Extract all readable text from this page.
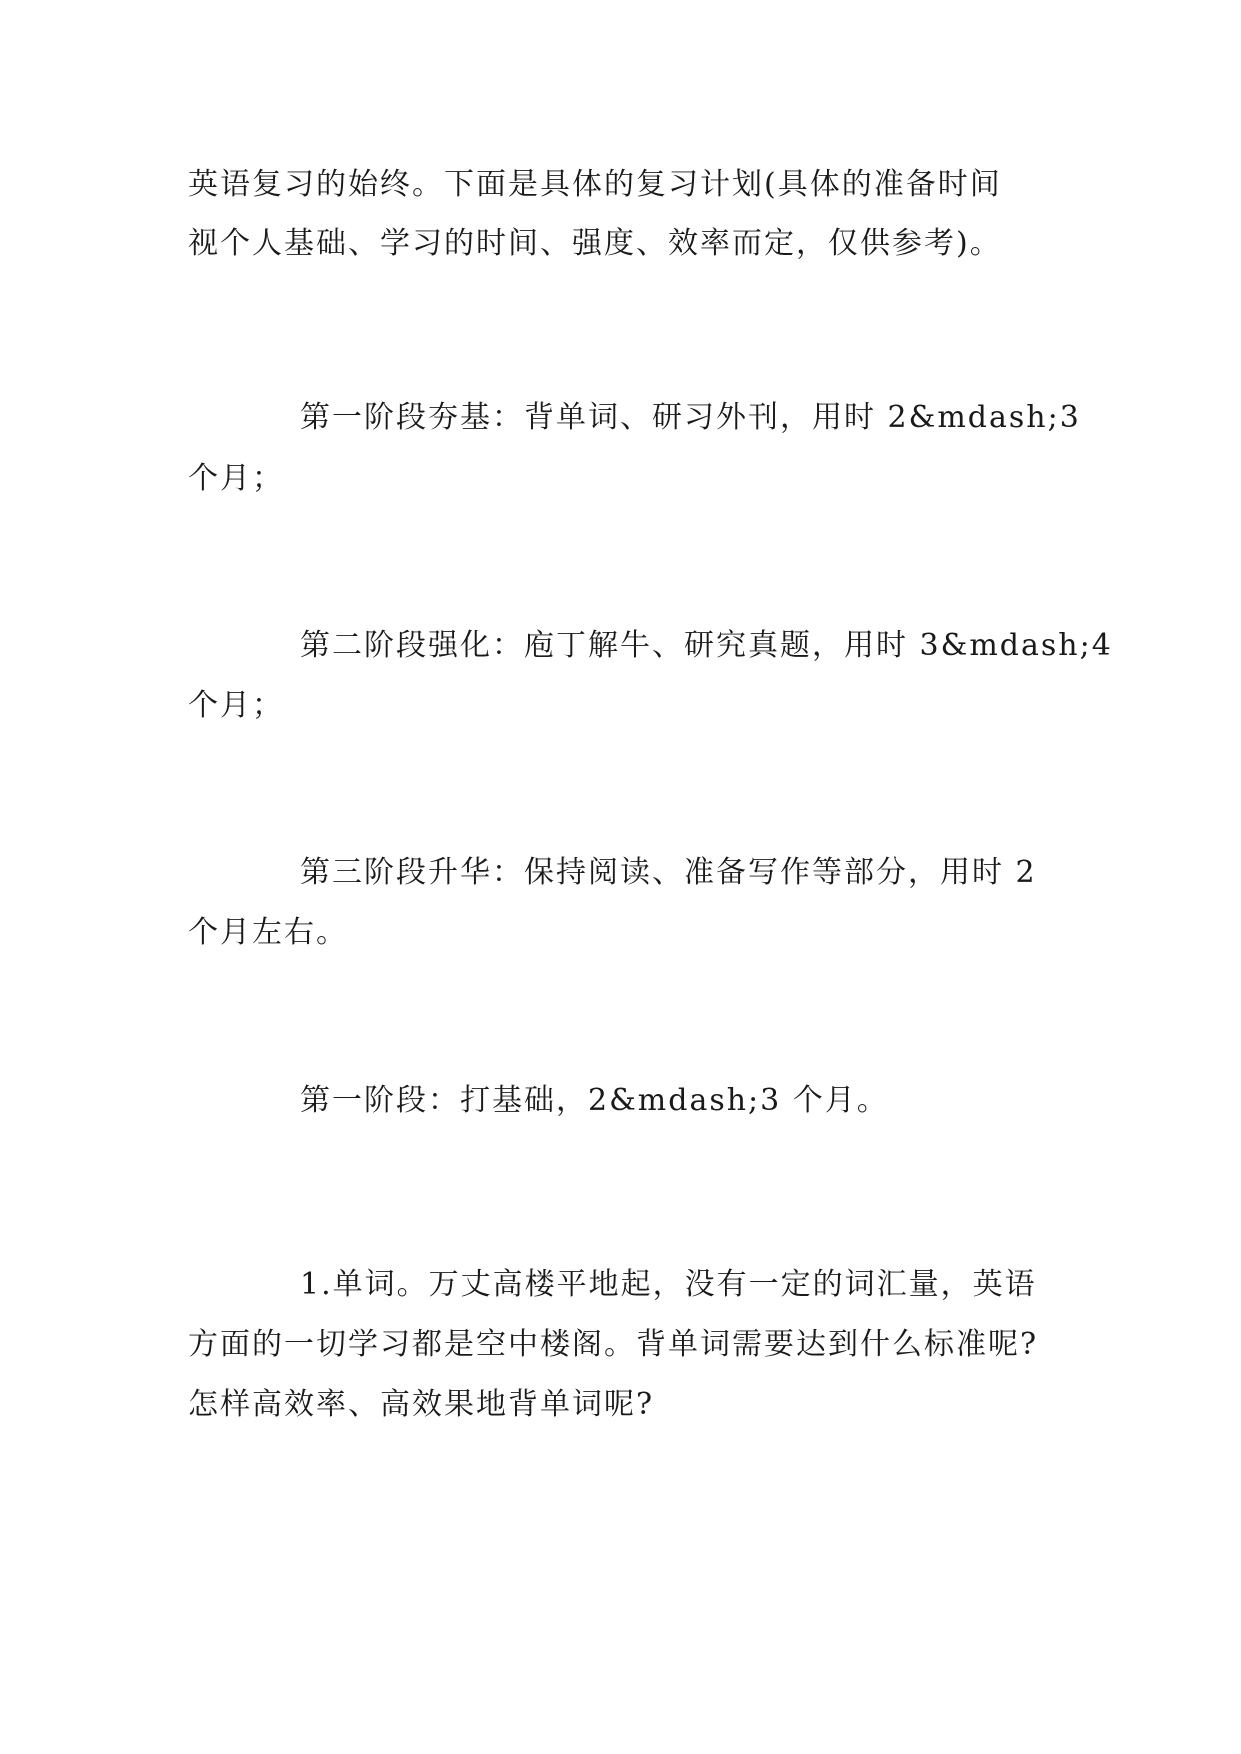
英语复习的始终。下面是具体的复习计划(具体的准备时间
视个人基础、学习的时间、强度、效率而定，仅供参考)。
第一阶段夯基：背单词、研习外刊，用时 2&mdash;3
个月；
第二阶段强化：庖丁解牛、研究真题，用时 3&mdash;4
个月；
第三阶段升华：保持阅读、准备写作等部分，用时 2
个月左右。
第一阶段：打基础，2&mdash;3 个月。
1.单词。万丈高楼平地起，没有一定的词汇量，英语
方面的一切学习都是空中楼阁。背单词需要达到什么标准呢?
怎样高效率、高效果地背单词呢?
